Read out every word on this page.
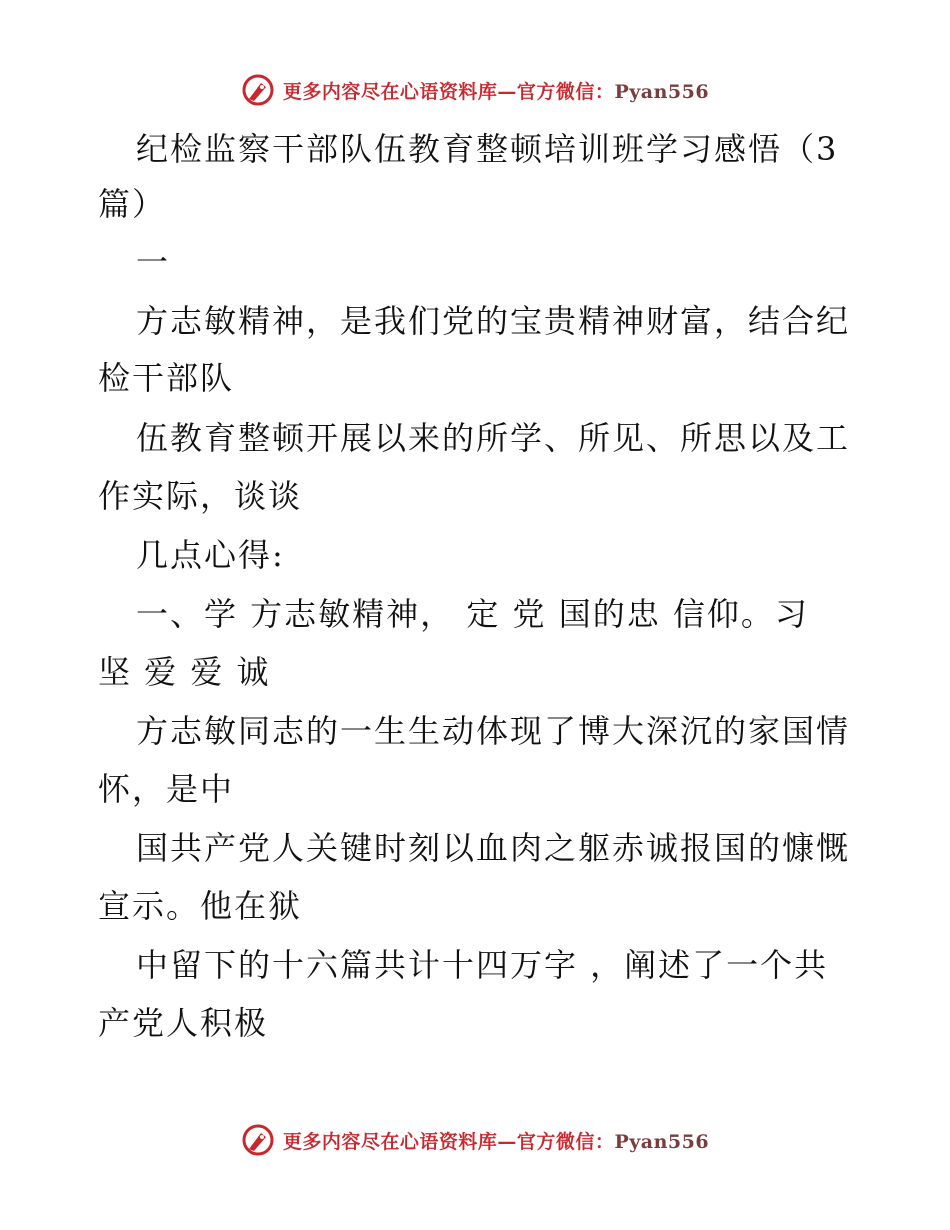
更多内容尽在心语资料库—官方微信：Pyan556
纪检监察干部队伍教育整顿培训班学习感悟（3
篇）
一
方志敏精神，是我们党的宝贵精神财富，结合纪
检干部队
伍教育整顿开展以来的所学、所见、所思以及工
作实际，谈谈
几点心得:
一、学 方志敏精神， 定 党 国的忠 信仰。习
坚 爱 爱 诚
方志敏同志的一生生动体现了博大深沉的家国情
怀，是中
国共产党人关键时刻以血肉之躯赤诚报国的慷慨
宣示。他在狱
中留下的十六篇共计十四万字 ，阐述了一个共
产党人积极
更多内容尽在心语资料库—官方微信：Pyan556
